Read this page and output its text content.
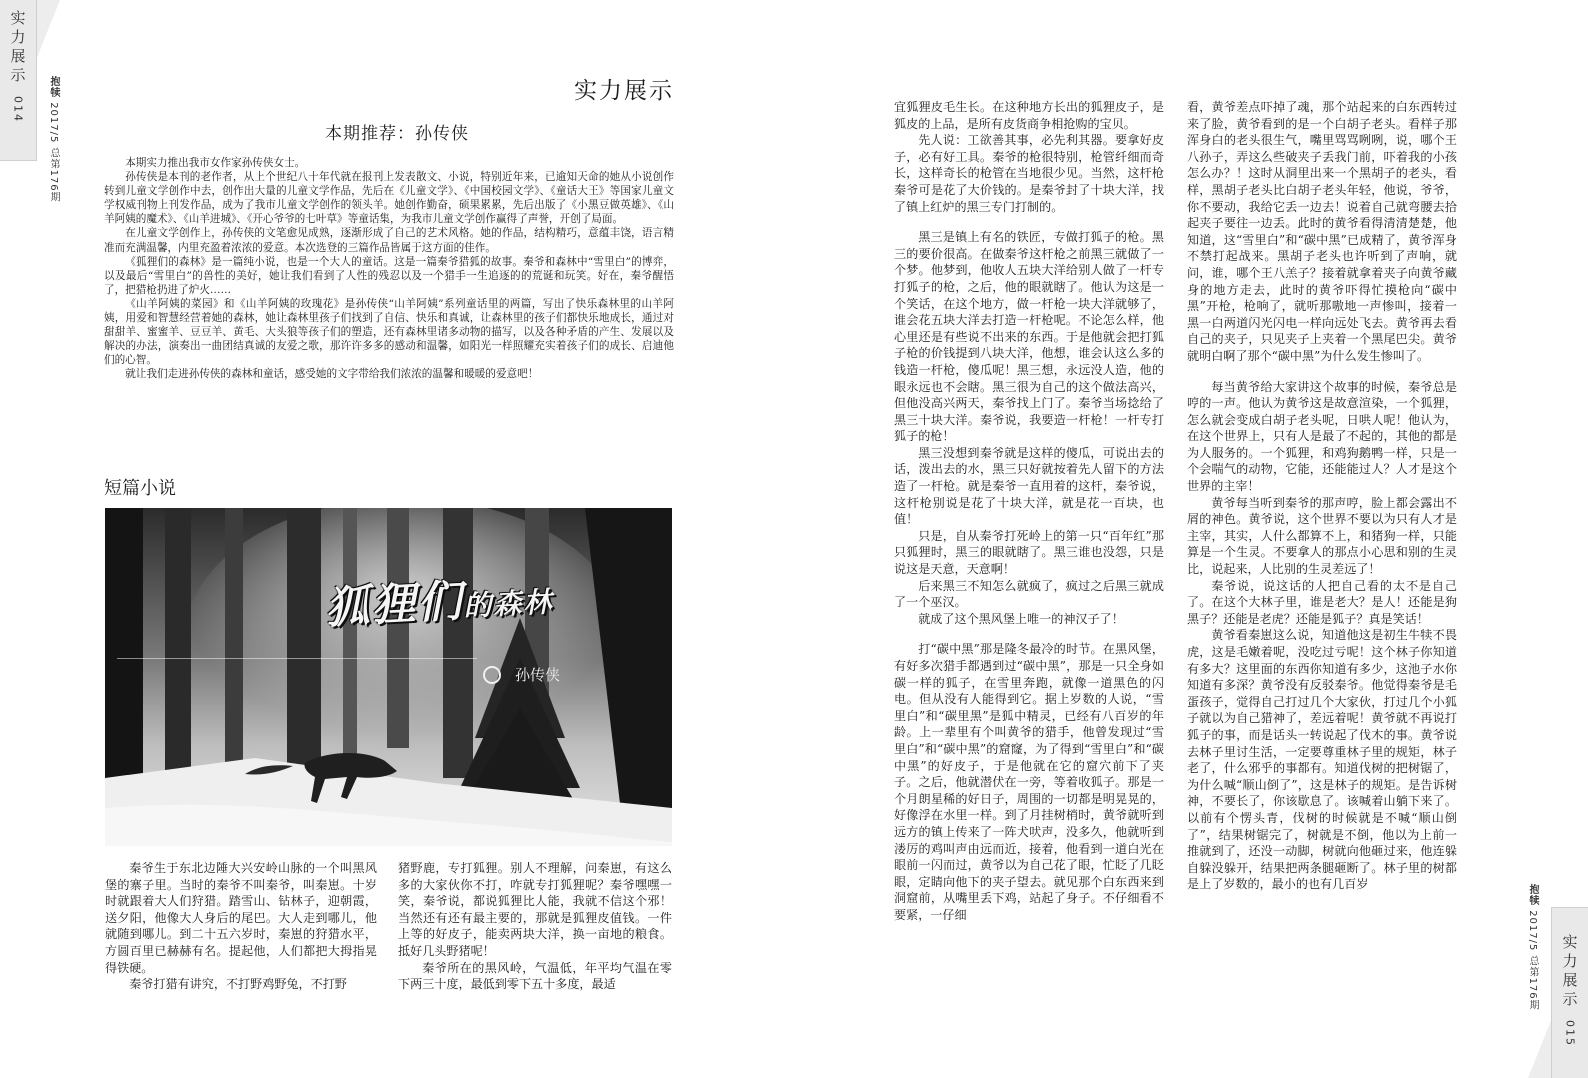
实力展示
014
抱犊 2017/5 总第176期
实力展示
本期推荐：孙传侠

本期实力推出我市女作家孙传侠女士。

孙传侠是本刊的老作者，从上个世纪八十年代就在报刊上发表散文、小说，特别近年来，已逾知天命的她从小说创作转到儿童文学创作中去，创作出大量的儿童文学作品，先后在《儿童文学》、《中国校园文学》、《童话大王》等国家儿童文学权威刊物上刊发作品，成为了我市儿童文学创作的领头羊。她创作勤奋，硕果累累，先后出版了《小黑豆做英雄》、《山羊阿姨的魔术》、《山羊进城》、《开心爷爷的七叶草》等童话集，为我市儿童文学创作赢得了声誉，开创了局面。

在儿童文学创作上，孙传侠的文笔愈见成熟，逐渐形成了自己的艺术风格。她的作品，结构精巧，意蕴丰饶，语言精准而充满温馨，内里充盈着浓浓的爱意。本次选登的三篇作品皆属于这方面的佳作。

《狐狸们的森林》是一篇纯小说，也是一个大人的童话。这是一篇秦爷猎狐的故事。秦爷和森林中“雪里白”的博弈，以及最后“雪里白”的兽性的美好，她让我们看到了人性的残忍以及一个猎手一生追逐的的荒诞和玩笑。好在，秦爷醒悟了，把猎枪扔进了炉火……

《山羊阿姨的菜园》和《山羊阿姨的玫瑰花》是孙传侠“山羊阿姨”系列童话里的两篇，写出了快乐森林里的山羊阿姨，用爱和智慧经营着她的森林，她让森林里孩子们找到了自信、快乐和真诚，让森林里的孩子们都快乐地成长，通过对甜甜羊、蜜蜜羊、豆豆羊、黄毛、大头狼等孩子们的塑造，还有森林里诸多动物的描写，以及各种矛盾的产生、发展以及解决的办法，演奏出一曲团结真诚的友爱之歌，那许许多多的感动和温馨，如阳光一样照耀充实着孩子们的成长、启迪他们的心智。

就让我们走进孙传侠的森林和童话，感受她的文字带给我们浓浓的温馨和暖暖的爱意吧！

短篇小说
狐狸们的森林
孙传侠

秦爷生于东北边陲大兴安岭山脉的一个叫黑风堡的寨子里。当时的秦爷不叫秦爷，叫秦崽。十岁时就跟着大人们狩猎。踏雪山、钻林子，迎朝霞，送夕阳，他像大人身后的尾巴。大人走到哪儿，他就随到哪儿。到二十五六岁时，秦崽的狩猎水平，方圆百里已赫赫有名。提起他，人们都把大拇指晃得铁硬。

秦爷打猎有讲究，不打野鸡野兔，不打野

猪野鹿，专打狐狸。别人不理解，问秦崽，有这么多的大家伙你不打，咋就专打狐狸呢？秦爷嘿嘿一笑，秦爷说，都说狐狸比人能，我就不信这个邪！当然还有还有最主要的，那就是狐狸皮值钱。一件上等的好皮子，能卖两块大洋，换一亩地的粮食。抵好几头野猪呢！

秦爷所在的黑风岭，气温低，年平均气温在零下两三十度，最低到零下五十多度，最适	实力展示
015
抱犊 2017/5 总第176期

宜狐狸皮毛生长。在这种地方长出的狐狸皮子，是狐皮的上品，是所有皮货商争相抢购的宝贝。

先人说：工欲善其事，必先利其器。要拿好皮子，必有好工具。秦爷的枪很特别，枪管纤细而奇长，这样奇长的枪管在当地很少见。当然，这杆枪秦爷可是花了大价钱的。是秦爷封了十块大洋，找了镇上红炉的黑三专门打制的。

黑三是镇上有名的铁匠，专做打狐子的枪。黑三的要价很高。在做秦爷这杆枪之前黑三就做了一个梦。他梦到，他收人五块大洋给别人做了一杆专打狐子的枪，之后，他的眼就瞎了。他认为这是一个笑话，在这个地方，做一杆枪一块大洋就够了，谁会花五块大洋去打造一杆枪呢。不论怎么样，他心里还是有些说不出来的东西。于是他就会把打狐子枪的价钱提到八块大洋，他想，谁会认这么多的钱造一杆枪，傻瓜呢！黑三想，永远没人造，他的眼永远也不会瞎。黑三很为自己的这个做法高兴，但他没高兴两天，秦爷找上门了。秦爷当场捻给了黑三十块大洋。秦爷说，我要造一杆枪！一杆专打狐子的枪！

黑三没想到秦爷就是这样的傻瓜，可说出去的话，泼出去的水，黑三只好就按着先人留下的方法造了一杆枪。就是秦爷一直用着的这杆，秦爷说，这杆枪别说是花了十块大洋，就是花一百块，也值！

只是，自从秦爷打死岭上的第一只“百年红”那只狐狸时，黑三的眼就瞎了。黑三谁也没怨，只是说这是天意，天意啊！

后来黑三不知怎么就疯了，疯过之后黑三就成了一个巫汉。

就成了这个黑风堡上唯一的神汉子了！

打“碳中黑”那是隆冬最冷的时节。在黑风堡，有好多次猎手都遇到过“碳中黑”，那是一只全身如碳一样的狐子，在雪里奔跑，就像一道黑色的闪电。但从没有人能得到它。据上岁数的人说，“雪里白”和“碳里黑”是狐中精灵，已经有八百岁的年龄。上一辈里有个叫黄爷的猎手，他曾发现过“雪里白”和“碳中黑”的窟窿，为了得到“雪里白”和“碳中黑”的好皮子，于是他就在它的窟穴前下了夹子。之后，他就潜伏在一旁，等着收狐子。那是一个月朗星稀的好日子，周围的一切都是明晃晃的，好像浮在水里一样。到了月挂树梢时，黄爷就听到远方的镇上传来了一阵犬吠声，没多久，他就听到溇厉的鸡叫声由远而近，接着，他看到一道白光在眼前一闪而过，黄爷以为自己花了眼，忙眨了几眨眼，定睛向他下的夹子望去。就见那个白东西来到洞窟前，从嘴里丢下鸡，站起了身子。不仔细看不要紧，一仔细

看，黄爷差点吓掉了魂，那个站起来的白东西转过来了脸，黄爷看到的是一个白胡子老头。看样子那浑身白的老头很生气，嘴里骂骂咧咧，说，哪个王八孙子，弄这么些破夹子丢我门前，吓着我的小孩怎么办？！这时从洞里出来一个黑胡子的老头，看样，黑胡子老头比白胡子老头年轻，他说，爷爷，你不要动，我给它丢一边去！说着自己就弯腰去拾起夹子要往一边丢。此时的黄爷看得清清楚楚，他知道，这“雪里白”和“碳中黑”已成精了，黄爷浑身不禁打起战来。黑胡子老头也许听到了声响，就问，谁，哪个王八羔子？接着就拿着夹子向黄爷藏身的地方走去，此时的黄爷吓得忙摸枪向“碳中黑”开枪，枪响了，就听那嗷地一声惨叫，接着一黑一白两道闪光闪电一样向远处飞去。黄爷再去看自己的夹子，只见夹子上夹着一个黑尾巴尖。黄爷就明白啊了那个“碳中黑”为什么发生惨叫了。

每当黄爷给大家讲这个故事的时候，秦爷总是哼的一声。他认为黄爷这是故意渲染，一个狐狸，怎么就会变成白胡子老头呢，日哄人呢！他认为，在这个世界上，只有人是最了不起的，其他的都是为人服务的。一个狐狸，和鸡狗鹅鸭一样，只是一个会喘气的动物，它能，还能能过人？人才是这个世界的主宰！

黄爷每当听到秦爷的那声哼，脸上都会露出不屑的神色。黄爷说，这个世界不要以为只有人才是主宰，其实，人什么都算不上，和猪狗一样，只能算是一个生灵。不要拿人的那点小心思和别的生灵比，说起来，人比别的生灵差远了！

秦爷说，说这话的人把自己看的太不是自己了。在这个大林子里，谁是老大？是人！还能是狗黑子？还能是老虎？还能是狐子？真是笑话！

黄爷看秦崽这么说，知道他这是初生牛犊不畏虎，这是毛嫩着呢，没吃过亏呢！这个林子你知道有多大？这里面的东西你知道有多少，这池子水你知道有多深？黄爷没有反驳秦爷。他觉得秦爷是毛蛋孩子，觉得自己打过几个大家伙，打过几个小狐子就以为自己猎神了，差远着呢！黄爷就不再说打狐子的事，而是话头一转说起了伐木的事。黄爷说去林子里讨生活，一定要尊重林子里的规矩，林子老了，什么邪乎的事都有。知道伐树的把树锯了，为什么喊“顺山倒了”，这是林子的规矩。是告诉树神，不要长了，你该歇息了。该喊着山躺下来了。以前有个愣头青，伐树的时候就是不喊“顺山倒了”，结果树锯完了，树就是不倒，他以为上前一推就到了，还没一动脚，树就向他砸过来，他连躲自躲没躲开，结果把两条腿砸断了。林子里的树都是上了岁数的，最小的也有几百岁
